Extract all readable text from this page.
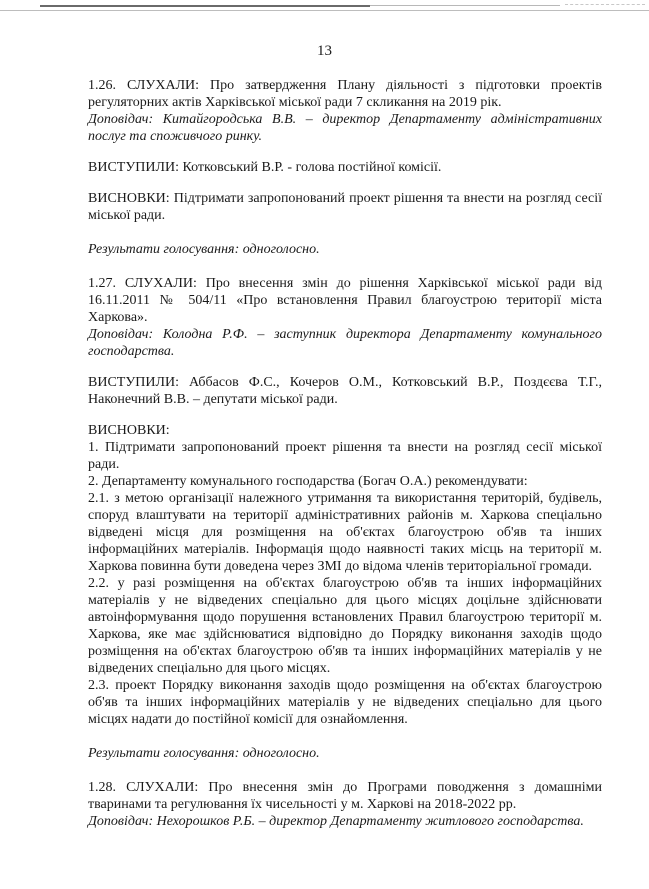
13

1.26. СЛУХАЛИ: Про затвердження Плану діяльності з підготовки проектів регуляторних актів Харківської міської ради 7 скликання на 2019 рік.

Доповідач: Китайгородська В.В. – директор Департаменту адміністративних послуг та споживчого ринку.

ВИСТУПИЛИ: Котковський В.Р. - голова постійної комісії.

ВИСНОВКИ: Підтримати запропонований проект рішення та внести на розгляд сесії міської ради.

Результати голосування: одноголосно.

1.27. СЛУХАЛИ: Про внесення змін до рішення Харківської міської ради від 16.11.2011 № 504/11 «Про встановлення Правил благоустрою території міста Харкова».

Доповідач: Колодна Р.Ф. – заступник директора Департаменту комунального господарства.

ВИСТУПИЛИ: Аббасов Ф.С., Кочеров О.М., Котковський В.Р., Поздєєва Т.Г., Наконечний В.В. – депутати міської ради.

ВИСНОВКИ:

1. Підтримати запропонований проект рішення та внести на розгляд сесії міської ради.

2. Департаменту комунального господарства (Богач О.А.) рекомендувати:

2.1. з метою організації належного утримання та використання територій, будівель, споруд влаштувати на території адміністративних районів м. Харкова спеціально відведені місця для розміщення на об'єктах благоустрою об'яв та інших інформаційних матеріалів. Інформація щодо наявності таких місць на території м. Харкова повинна бути доведена через ЗМІ до відома членів територіальної громади.

2.2. у разі розміщення на об'єктах благоустрою об'яв та інших інформаційних матеріалів у не відведених спеціально для цього місцях доцільне здійснювати автоінформування щодо порушення встановлених Правил благоустрою території м. Харкова, яке має здійснюватися відповідно до Порядку виконання заходів щодо розміщення на об'єктах благоустрою об'яв та інших інформаційних матеріалів у не відведених спеціально для цього місцях.

2.3. проект Порядку виконання заходів щодо розміщення на об'єктах благоустрою об'яв та інших інформаційних матеріалів у не відведених спеціально для цього місцях надати до постійної комісії для ознайомлення.

Результати голосування: одноголосно.

1.28. СЛУХАЛИ: Про внесення змін до Програми поводження з домашніми тваринами та регулювання їх чисельності у м. Харкові на 2018-2022 рр.

Доповідач: Нехорошков Р.Б. – директор Департаменту житлового господарства.
